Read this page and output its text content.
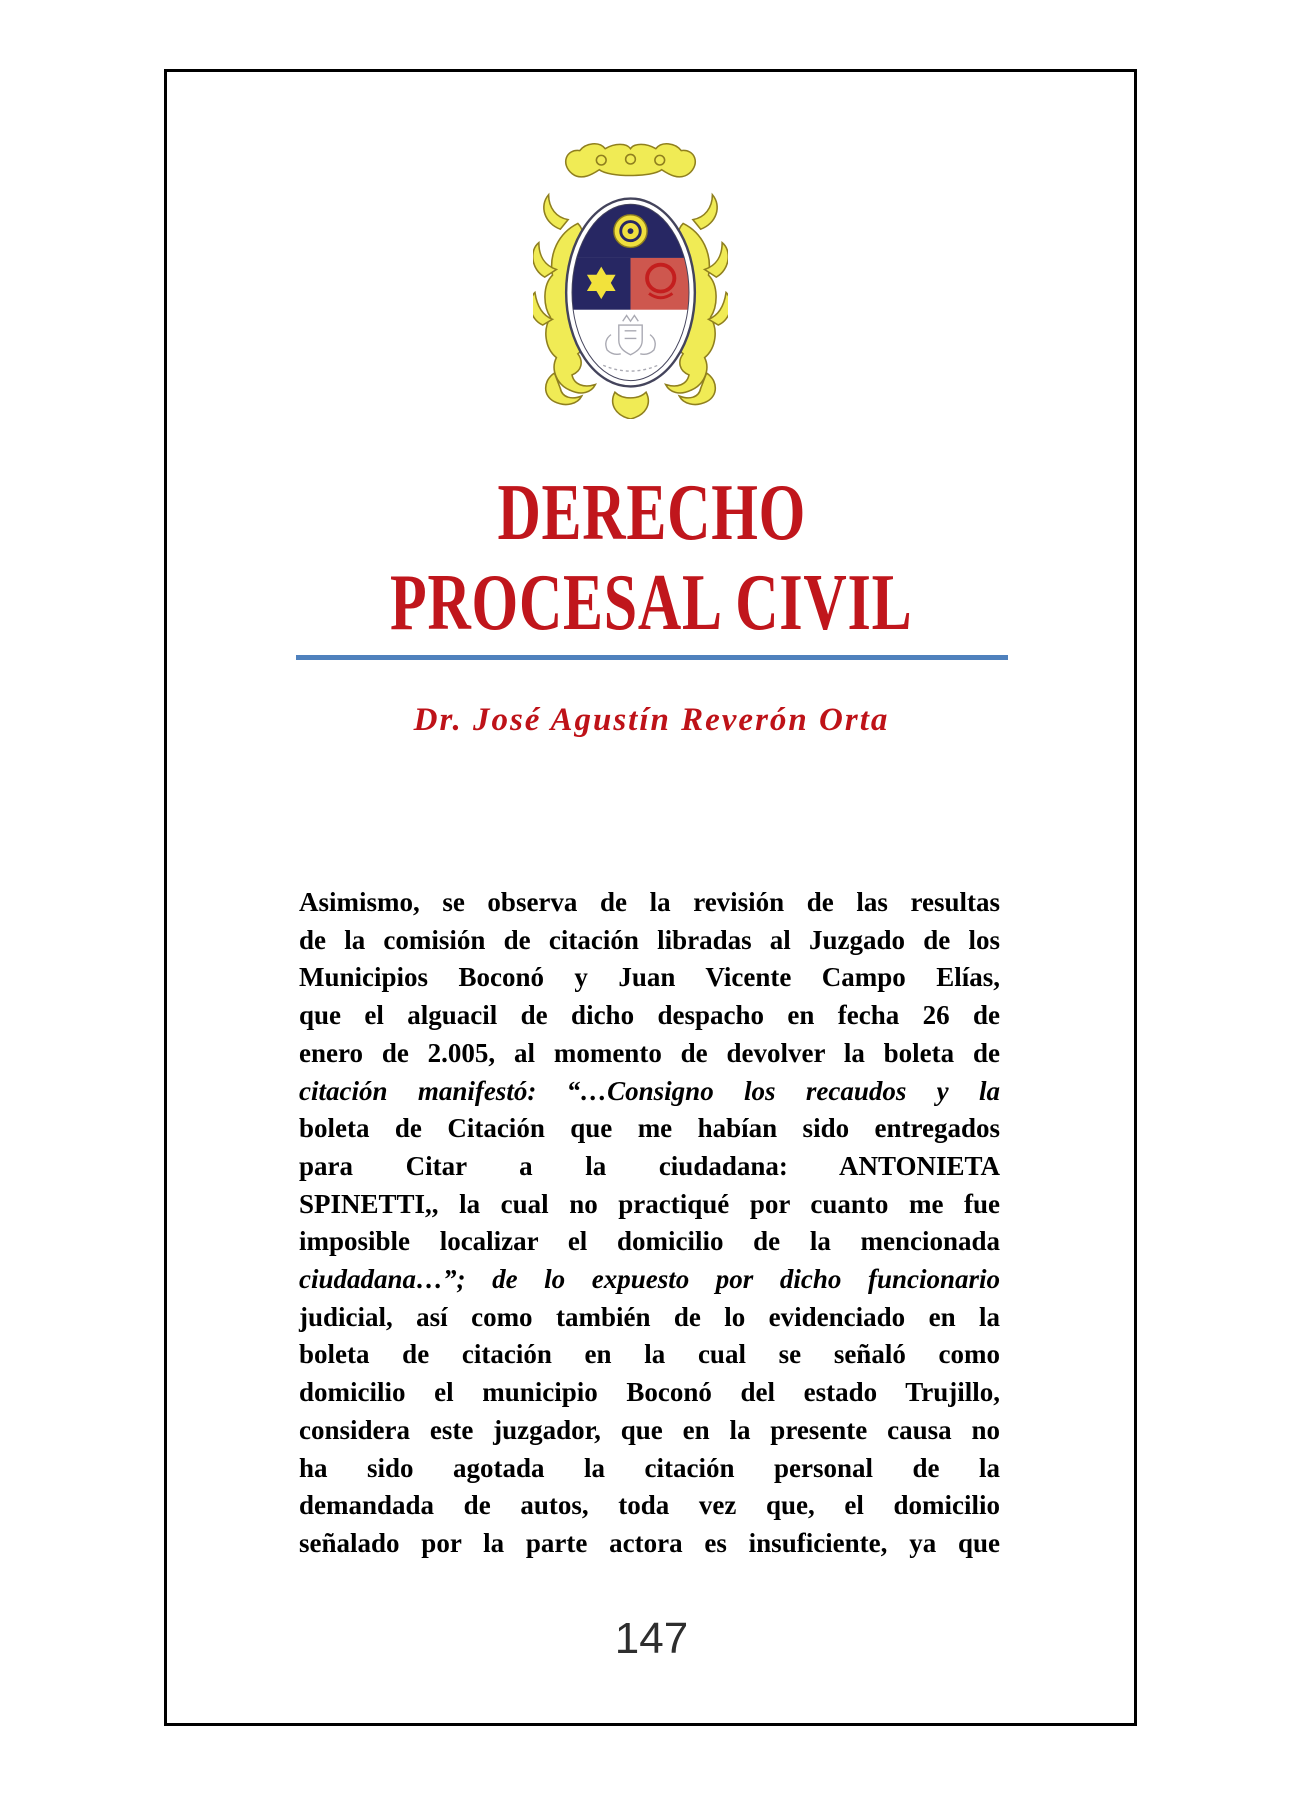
DERECHO
PROCESAL CIVIL
Dr. José Agustín Reverón Orta
Asimismo, se observa de la revisión de las resultas
de la comisión de citación libradas al Juzgado de los
Municipios Boconó y Juan Vicente Campo Elías,
que el alguacil de dicho despacho en fecha 26 de
enero de 2.005, al momento de devolver la boleta de
citación manifestó: “…Consigno los recaudos y la
boleta de Citación que me habían sido entregados
para Citar a la ciudadana: ANTONIETA
SPINETTI,, la cual no practiqué por cuanto me fue
imposible localizar el domicilio de la mencionada
ciudadana…”; de lo expuesto por dicho funcionario
judicial, así como también de lo evidenciado en la
boleta de citación en la cual se señaló como
domicilio el municipio Boconó del estado Trujillo,
considera este juzgador, que en la presente causa no
ha sido agotada la citación personal de la
demandada de autos, toda vez que, el domicilio
señalado por la parte actora es insuficiente, ya que
147
